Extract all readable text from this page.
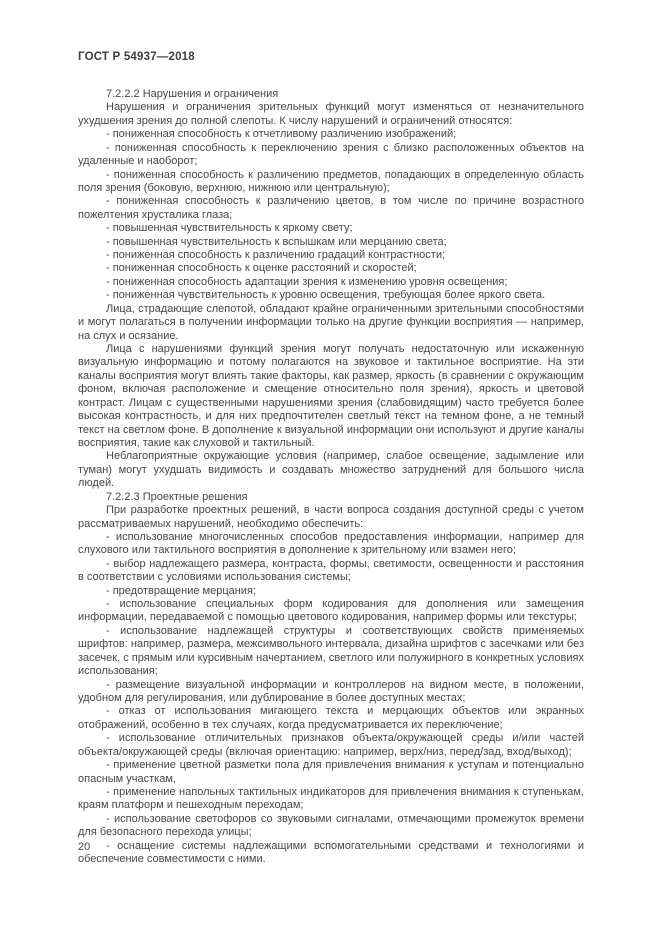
ГОСТ Р 54937—2018

7.2.2.2 Нарушения и ограничения

Нарушения и ограничения зрительных функций могут изменяться от незначительного ухудшения зрения до полной слепоты. К числу нарушений и ограничений относятся:

- пониженная способность к отчетливому различению изображений;

- пониженная способность к переключению зрения с близко расположенных объектов на удаленные и наоборот;

- пониженная способность к различению предметов, попадающих в определенную область поля зрения (боковую, верхнюю, нижнюю или центральную);

- пониженная способность к различению цветов, в том числе по причине возрастного пожелтения хрусталика глаза;

- повышенная чувствительность к яркому свету;

- повышенная чувствительность к вспышкам или мерцанию света;

- пониженная способность к различению градаций контрастности;

- пониженная способность к оценке расстояний и скоростей;

- пониженная способность адаптации зрения к изменению уровня освещения;

- пониженная чувствительность к уровню освещения, требующая более яркого света.

Лица, страдающие слепотой, обладают крайне ограниченными зрительными способностями и могут полагаться в получении информации только на другие функции восприятия — например, на слух и осязание.

Лица с нарушениями функций зрения могут получать недостаточную или искаженную визуальную информацию и потому полагаются на звуковое и тактильное восприятие. На эти каналы восприятия могут влиять такие факторы, как размер, яркость (в сравнении с окружающим фоном, включая расположение и смещение относительно поля зрения), яркость и цветовой контраст. Лицам с существенными нарушениями зрения (слабовидящим) часто требуется более высокая контрастность, и для них предпочтителен светлый текст на темном фоне, а не темный текст на светлом фоне. В дополнение к визуальной информации они используют и другие каналы восприятия, такие как слуховой и тактильный.

Неблагоприятные окружающие условия (например, слабое освещение, задымление или туман) могут ухудшать видимость и создавать множество затруднений для большого числа людей.

7.2.2.3 Проектные решения

При разработке проектных решений, в части вопроса создания доступной среды с учетом рассматриваемых нарушений, необходимо обеспечить:

- использование многочисленных способов предоставления информации, например для слухового или тактильного восприятия в дополнение к зрительному или взамен него;

- выбор надлежащего размера, контраста, формы, светимости, освещенности и расстояния в соответствии с условиями использования системы;

- предотвращение мерцания;

- использование специальных форм кодирования для дополнения или замещения информации, передаваемой с помощью цветового кодирования, например формы или текстуры;

- использование надлежащей структуры и соответствующих свойств применяемых шрифтов: например, размера, межсимвольного интервала, дизайна шрифтов с засечками или без засечек, с прямым или курсивным начертанием, светлого или полужирного в конкретных условиях использования;

- размещение визуальной информации и контроллеров на видном месте, в положении, удобном для регулирования, или дублирование в более доступных местах;

- отказ от использования мигающего текста и мерцающих объектов или экранных отображений, особенно в тех случаях, когда предусматривается их переключение;

- использование отличительных признаков объекта/окружающей среды и/или частей объекта/окружающей среды (включая ориентацию: например, верх/низ, перед/зад, вход/выход);

- применение цветной разметки пола для привлечения внимания к уступам и потенциально опасным участкам,

- применение напольных тактильных индикаторов для привлечения внимания к ступенькам, краям платформ и пешеходным переходам;

- использование светофоров со звуковыми сигналами, отмечающими промежуток времени для безопасного перехода улицы;

- оснащение системы надлежащими вспомогательными средствами и технологиями и обеспечение совместимости с ними.

20
